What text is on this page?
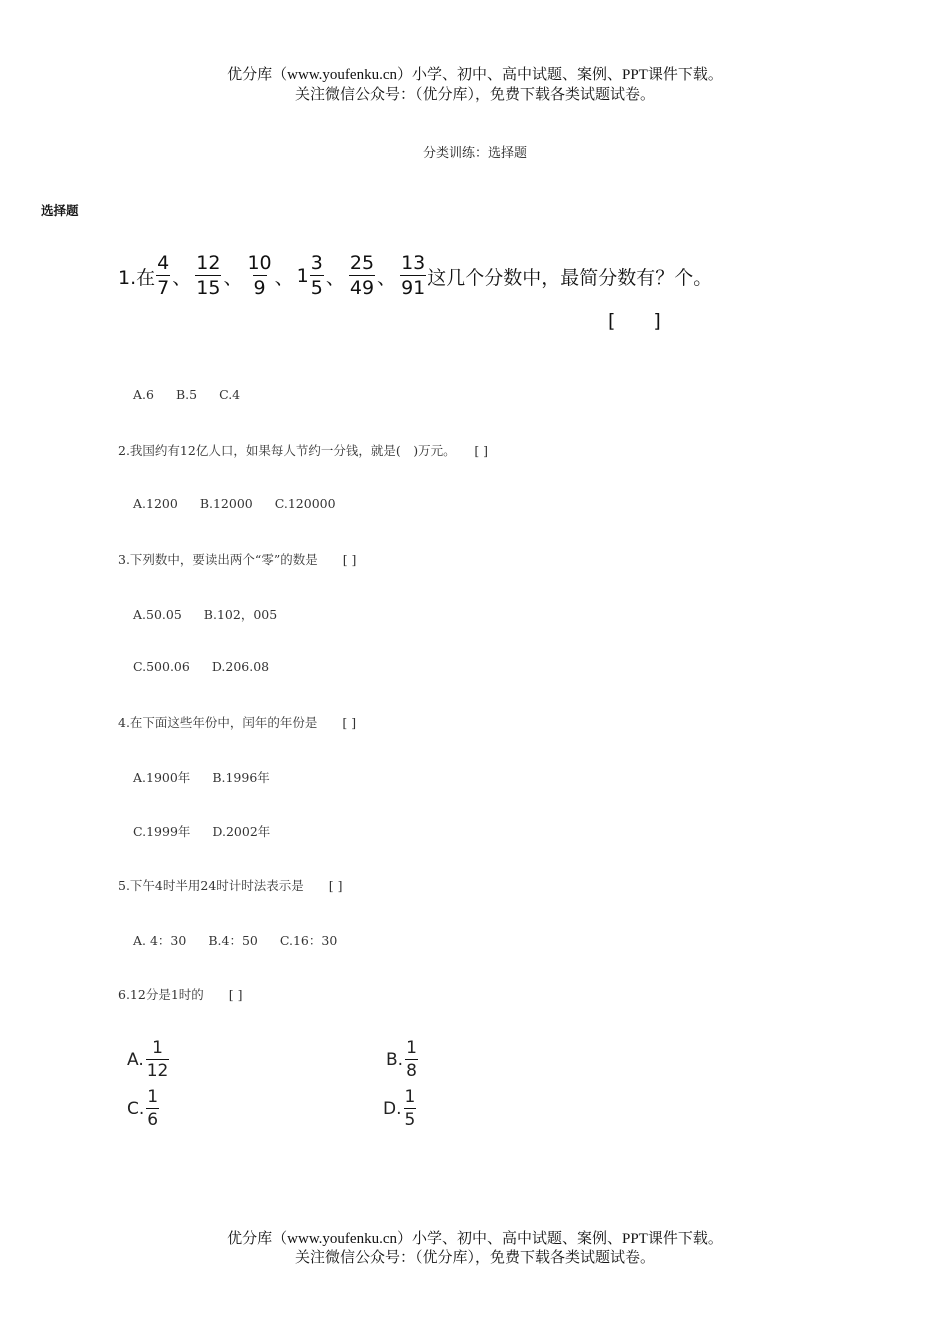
优分库（www.youfenku.cn）小学、初中、高中试题、案例、PPT课件下载。
关注微信公众号：（优分库），免费下载各类试题试卷。
分类训练：选择题
选择题
1.在 $\frac{4}{7}$ 、 $\frac{12}{15}$ 、 $\frac{10}{9}$ 、 $1 \frac{3}{5}$ 、 $\frac{25}{49}$ 、 $\frac{13}{91}$ 这几个分数中，最简分数有？个。
[　　]
A.6 B.5 C.4
2.我国约有12亿人口，如果每人节约一分钱，就是(　)万元。　　[ ]
A.1200 B.12000 C.120000
3.下列数中，要读出两个“零”的数是　　[ ]
A.50.05 B.102，005
C.500.06 D.206.08
4.在下面这些年份中，闰年的年份是　　[ ]
A.1900年 B.1996年
C.1999年 D.2002年
5.下午4时半用24时计时法表示是　　[ ]
A. 4：30 B.4：50 C.16：30
6.12分是1时的　　[ ]
A. $\frac{1}{12}$	B. $\frac{1}{8}$
C. $\frac{1}{6}$	D. $\frac{1}{5}$
优分库（www.youfenku.cn）小学、初中、高中试题、案例、PPT课件下载。
关注微信公众号：（优分库），免费下载各类试题试卷。
